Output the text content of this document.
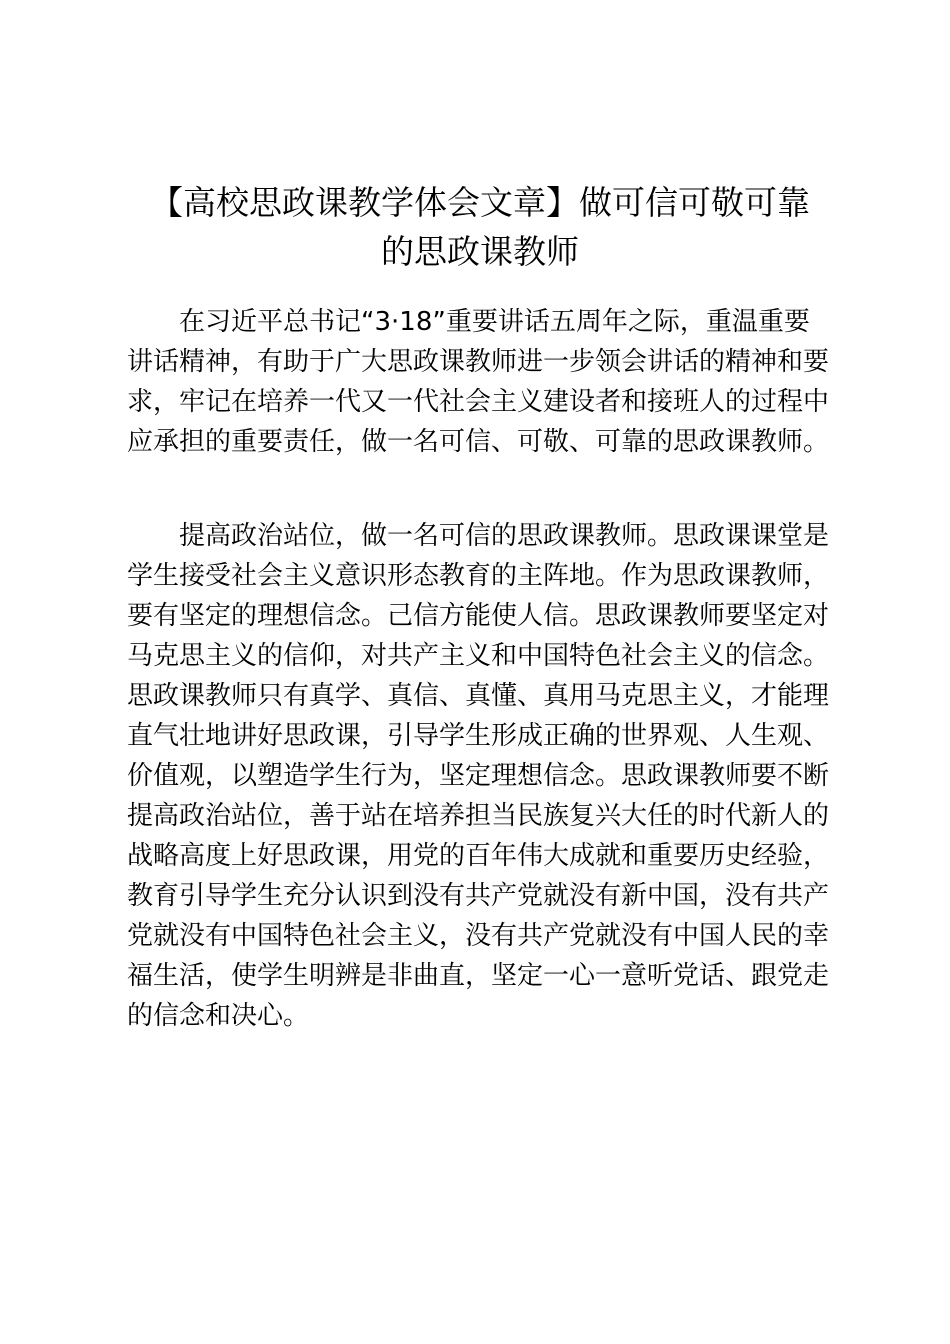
【高校思政课教学体会文章】做可信可敬可靠
的思政课教师
在习近平总书记“3·18”重要讲话五周年之际，重温重要
讲话精神，有助于广大思政课教师进一步领会讲话的精神和要
求，牢记在培养一代又一代社会主义建设者和接班人的过程中
应承担的重要责任，做一名可信、可敬、可靠的思政课教师。
提高政治站位，做一名可信的思政课教师。思政课课堂是
学生接受社会主义意识形态教育的主阵地。作为思政课教师，
要有坚定的理想信念。己信方能使人信。思政课教师要坚定对
马克思主义的信仰，对共产主义和中国特色社会主义的信念。
思政课教师只有真学、真信、真懂、真用马克思主义，才能理
直气壮地讲好思政课，引导学生形成正确的世界观、人生观、
价值观，以塑造学生行为，坚定理想信念。思政课教师要不断
提高政治站位，善于站在培养担当民族复兴大任的时代新人的
战略高度上好思政课，用党的百年伟大成就和重要历史经验，
教育引导学生充分认识到没有共产党就没有新中国，没有共产
党就没有中国特色社会主义，没有共产党就没有中国人民的幸
福生活，使学生明辨是非曲直，坚定一心一意听党话、跟党走
的信念和决心。
